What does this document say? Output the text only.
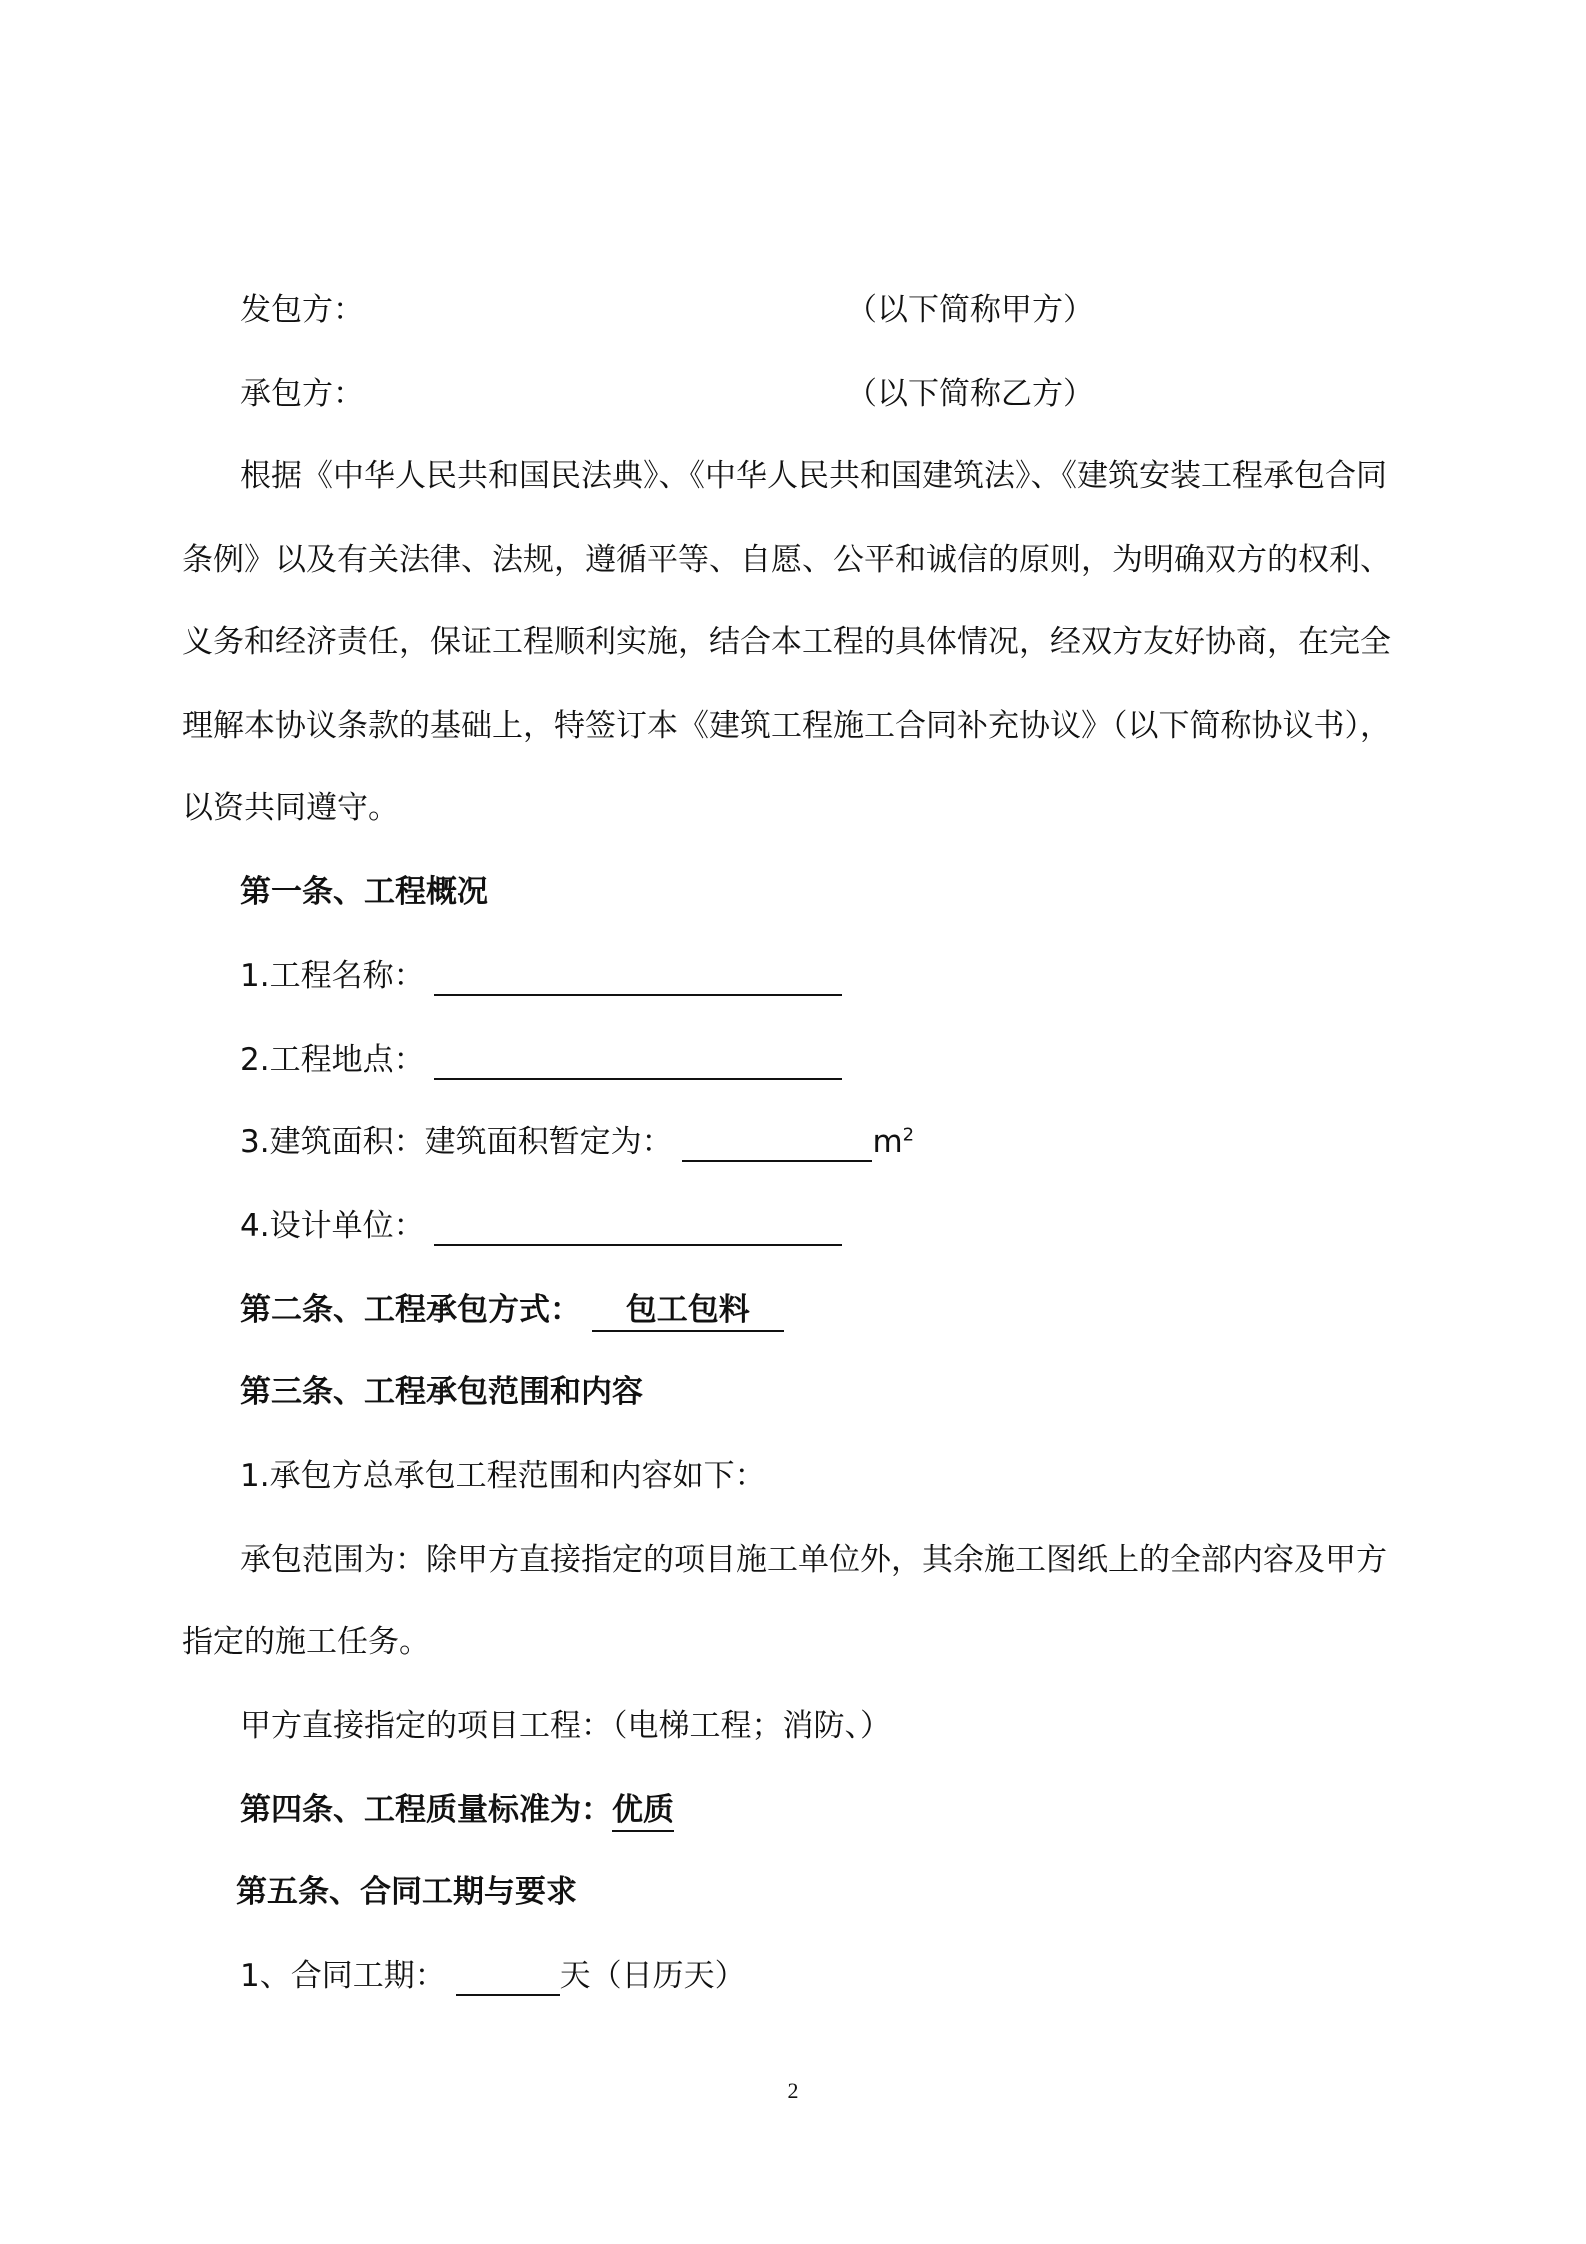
发包方：	（以下简称甲方）
承包方：	（以下简称乙方）
根据《中华人民共和国民法典》、《中华人民共和国建筑法》、《建筑安装工程承包合同
条例》以及有关法律、法规，遵循平等、自愿、公平和诚信的原则，为明确双方的权利、
义务和经济责任，保证工程顺利实施，结合本工程的具体情况，经双方友好协商，在完全
理解本协议条款的基础上，特签订本《建筑工程施工合同补充协议》（以下简称协议书），
以资共同遵守。
第一条、工程概况
1.工程名称：
2.工程地点：
3.建筑面积：建筑面积暂定为：	$m^2$
4.设计单位：
第二条、工程承包方式： 包工包料
第三条、工程承包范围和内容
1.承包方总承包工程范围和内容如下：
承包范围为：除甲方直接指定的项目施工单位外，其余施工图纸上的全部内容及甲方
指定的施工任务。
甲方直接指定的项目工程：（电梯工程；消防、）
第四条、工程质量标准为：优质
第五条、合同工期与要求
1、合同工期：	天（日历天）
2
